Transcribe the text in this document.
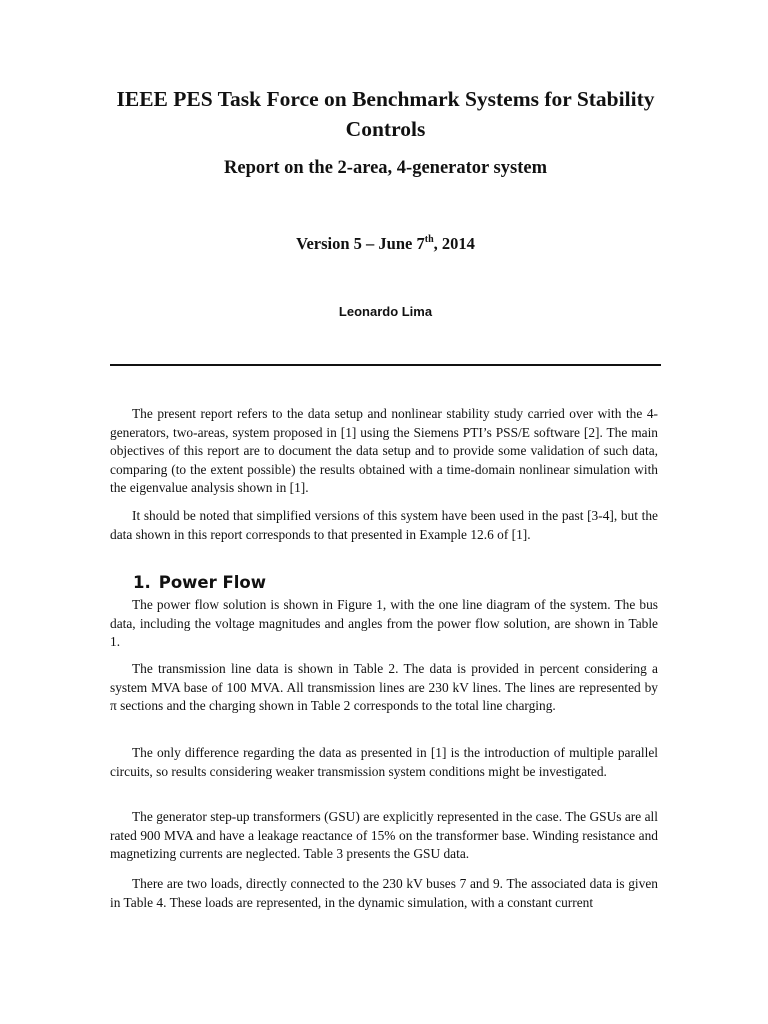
IEEE PES Task Force on Benchmark Systems for Stability Controls
Report on the 2-area, 4-generator system
Version 5 – June 7th, 2014
Leonardo Lima

The present report refers to the data setup and nonlinear stability study carried over with the 4-generators, two-areas, system proposed in [1] using the Siemens PTI’s PSS/E software [2]. The main objectives of this report are to document the data setup and to provide some validation of such data, comparing (to the extent possible) the results obtained with a time-domain nonlinear simulation with the eigenvalue analysis shown in [1].

It should be noted that simplified versions of this system have been used in the past [3-4], but the data shown in this report corresponds to that presented in Example 12.6 of [1].

1. Power Flow

The power flow solution is shown in Figure 1, with the one line diagram of the system. The bus data, including the voltage magnitudes and angles from the power flow solution, are shown in Table 1.

The transmission line data is shown in Table 2. The data is provided in percent considering a system MVA base of 100 MVA. All transmission lines are 230 kV lines. The lines are represented by π sections and the charging shown in Table 2 corresponds to the total line charging.

The only difference regarding the data as presented in [1] is the introduction of multiple parallel circuits, so results considering weaker transmission system conditions might be investigated.

The generator step-up transformers (GSU) are explicitly represented in the case. The GSUs are all rated 900 MVA and have a leakage reactance of 15% on the transformer base. Winding resistance and magnetizing currents are neglected. Table 3 presents the GSU data.

There are two loads, directly connected to the 230 kV buses 7 and 9. The associated data is given in Table 4. These loads are represented, in the dynamic simulation, with a constant current
